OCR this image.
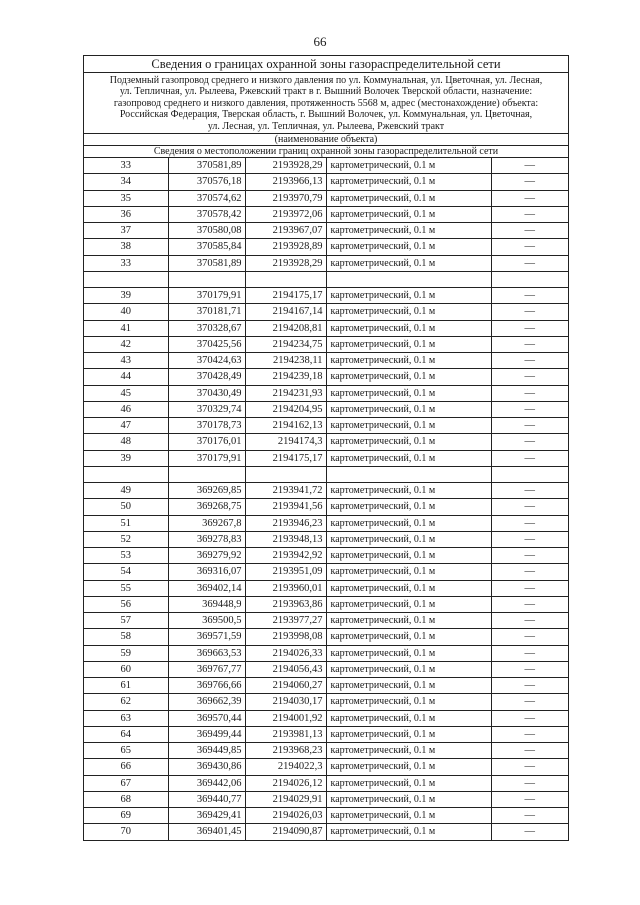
66
Сведения о границах охранной зоны газораспределительной сети
Подземный газопровод среднего и низкого давления по ул. Коммунальная, ул. Цветочная, ул. Лесная,
ул. Тепличная, ул. Рылеева, Ржевский тракт в г. Вышний Волочек Тверской области, назначение:
газопровод среднего и низкого давления, протяженность 5568 м, адрес (местонахождение) объекта:
Российская Федерация, Тверская область, г. Вышний Волочек, ул. Коммунальная, ул. Цветочная,
ул. Лесная, ул. Тепличная, ул. Рылеева, Ржевский тракт
(наименование объекта)
Сведения о местоположении границ охранной зоны газораспределительной сети
33	370581,89	2193928,29	картометрический, 0.1 м	—
34	370576,18	2193966,13	картометрический, 0.1 м	—
35	370574,62	2193970,79	картометрический, 0.1 м	—
36	370578,42	2193972,06	картометрический, 0.1 м	—
37	370580,08	2193967,07	картометрический, 0.1 м	—
38	370585,84	2193928,89	картометрический, 0.1 м	—
33	370581,89	2193928,29	картометрический, 0.1 м	—

39	370179,91	2194175,17	картометрический, 0.1 м	—
40	370181,71	2194167,14	картометрический, 0.1 м	—
41	370328,67	2194208,81	картометрический, 0.1 м	—
42	370425,56	2194234,75	картометрический, 0.1 м	—
43	370424,63	2194238,11	картометрический, 0.1 м	—
44	370428,49	2194239,18	картометрический, 0.1 м	—
45	370430,49	2194231,93	картометрический, 0.1 м	—
46	370329,74	2194204,95	картометрический, 0.1 м	—
47	370178,73	2194162,13	картометрический, 0.1 м	—
48	370176,01	2194174,3	картометрический, 0.1 м	—
39	370179,91	2194175,17	картометрический, 0.1 м	—

49	369269,85	2193941,72	картометрический, 0.1 м	—
50	369268,75	2193941,56	картометрический, 0.1 м	—
51	369267,8	2193946,23	картометрический, 0.1 м	—
52	369278,83	2193948,13	картометрический, 0.1 м	—
53	369279,92	2193942,92	картометрический, 0.1 м	—
54	369316,07	2193951,09	картометрический, 0.1 м	—
55	369402,14	2193960,01	картометрический, 0.1 м	—
56	369448,9	2193963,86	картометрический, 0.1 м	—
57	369500,5	2193977,27	картометрический, 0.1 м	—
58	369571,59	2193998,08	картометрический, 0.1 м	—
59	369663,53	2194026,33	картометрический, 0.1 м	—
60	369767,77	2194056,43	картометрический, 0.1 м	—
61	369766,66	2194060,27	картометрический, 0.1 м	—
62	369662,39	2194030,17	картометрический, 0.1 м	—
63	369570,44	2194001,92	картометрический, 0.1 м	—
64	369499,44	2193981,13	картометрический, 0.1 м	—
65	369449,85	2193968,23	картометрический, 0.1 м	—
66	369430,86	2194022,3	картометрический, 0.1 м	—
67	369442,06	2194026,12	картометрический, 0.1 м	—
68	369440,77	2194029,91	картометрический, 0.1 м	—
69	369429,41	2194026,03	картометрический, 0.1 м	—
70	369401,45	2194090,87	картометрический, 0.1 м	—
